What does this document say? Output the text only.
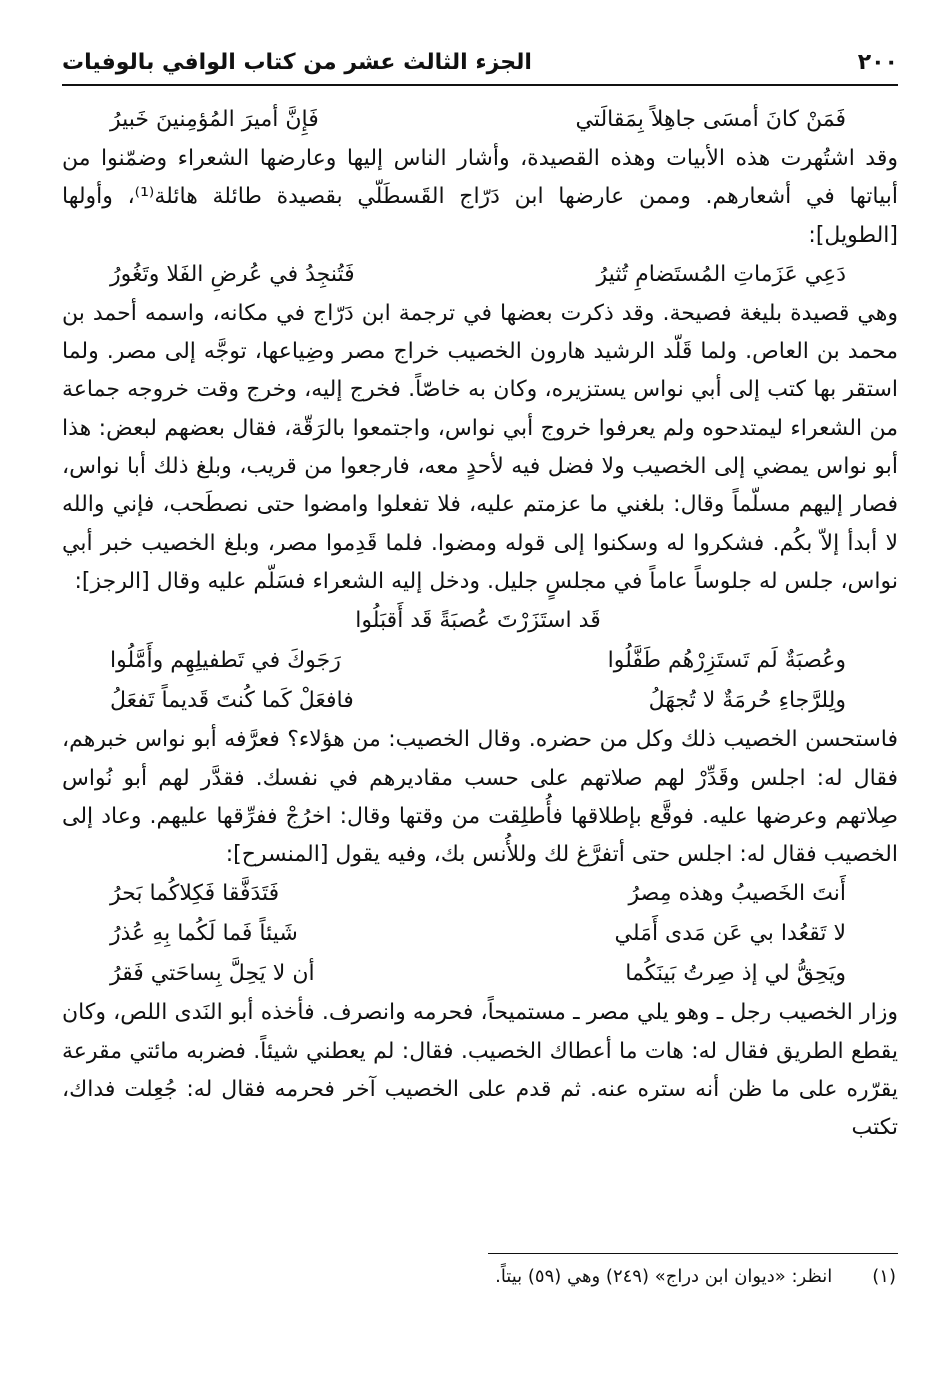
٢٠٠
الجزء الثالث عشر من كتاب الوافي بالوفيات
فَمَنْ كانَ أمسَى جاهِلاً بِمَقالَتي
فَإِنَّ أميرَ المُؤمِنينَ خَبيرُ

وقد اشتُهرت هذه الأبيات وهذه القصيدة، وأشار الناس إليها وعارضها الشعراء وضمّنوا من أبياتها في أشعارهم. وممن عارضها ابن دَرّاج القَسطَلّي بقصيدة طائلة هائلة⁽¹⁾، وأولها [الطويل]:

دَعِي عَزَماتِ المُستَضامِ تُثيرُ
فَتُنجِدُ في عُرضِ الفَلا وتَغُورُ

وهي قصيدة بليغة فصيحة. وقد ذكرت بعضها في ترجمة ابن دَرّاج في مكانه، واسمه أحمد بن محمد بن العاص. ولما قَلّد الرشيد هارون الخصيب خراج مصر وضِياعها، توجَّه إلى مصر. ولما استقر بها كتب إلى أبي نواس يستزيره، وكان به خاصّاً. فخرج إليه، وخرج وقت خروجه جماعة من الشعراء ليمتدحوه ولم يعرفوا خروج أبي نواس، واجتمعوا بالرَقّة، فقال بعضهم لبعض: هذا أبو نواس يمضي إلى الخصيب ولا فضل فيه لأحدٍ معه، فارجعوا من قريب، وبلغ ذلك أبا نواس، فصار إليهم مسلّماً وقال: بلغني ما عزمتم عليه، فلا تفعلوا وامضوا حتى نصطَحب، فإني والله لا أبدأ إلاّ بكُم. فشكروا له وسكنوا إلى قوله ومضوا. فلما قَدِموا مصر، وبلغ الخصيب خبر أبي نواس، جلس له جلوساً عاماً في مجلسٍ جليل. ودخل إليه الشعراء فسَلّم عليه وقال [الرجز]:

قَد استَزَرْتَ عُصبَةً قَد أَقبَلُوا
وعُصبَةٌ لَم تَستَزِرْهُم طَفَّلُوا
رَجَوكَ في تَطفيلِهِم وأَمَّلُوا
ولِلرَّجاءِ حُرمَةٌ لا تُجهَلُ
فافعَلْ كَما كُنتَ قَديماً تَفعَلُ

فاستحسن الخصيب ذلك وكل من حضره. وقال الخصيب: من هؤلاء؟ فعرَّفه أبو نواس خبرهم، فقال له: اجلس وقَدِّرْ لهم صلاتهم على حسب مقاديرهم في نفسك. فقدَّر لهم أبو نُواس صِلاتهم وعرضها عليه. فوقَّع بإطلاقها فأُطلِقت من وقتها وقال: اخرُجْ ففرِّقها عليهم. وعاد إلى الخصيب فقال له: اجلس حتى أتفرَّغ لك وللأُنس بك، وفيه يقول [المنسرح]:

أَنتَ الخَصيبُ وهذه مِصرُ
فَتَدَفَّقا فَكِلاكُما بَحرُ
لا تَقعُدا بي عَن مَدى أَمَلي
شَيئاً فَما لَكُما بِهِ عُذرُ
ويَحِقُّ لي إذ صِرتُ بَينَكُما
أن لا يَحِلَّ بِساحَتي فَقرُ

وزار الخصيب رجل ـ وهو يلي مصر ـ مستميحاً، فحرمه وانصرف. فأخذه أبو النَدى اللص، وكان يقطع الطريق فقال له: هات ما أعطاك الخصيب. فقال: لم يعطني شيئاً. فضربه مائتي مقرعة يقرّره على ما ظن أنه ستره عنه. ثم قدم على الخصيب آخر فحرمه فقال له: جُعِلت فداك، تكتب

(١)
انظر: «ديوان ابن دراج» (٢٤٩) وهي (٥٩) بيتاً.
